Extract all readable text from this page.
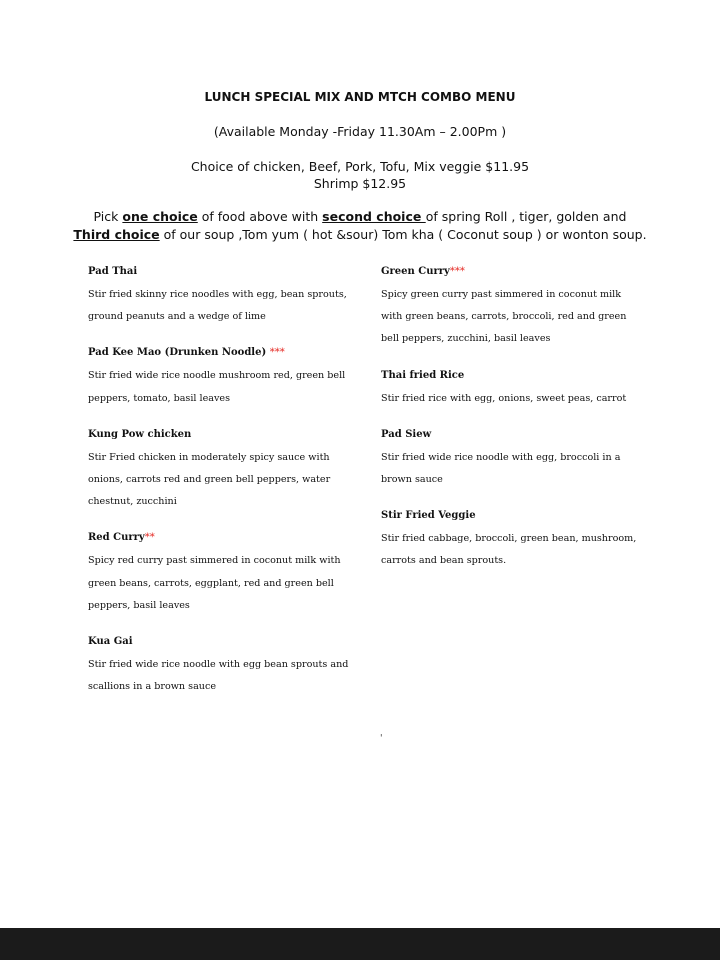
LUNCH SPECIAL MIX AND MTCH COMBO MENU
(Available Monday -Friday 11.30Am – 2.00Pm )
Choice of chicken, Beef, Pork, Tofu, Mix veggie $11.95
Shrimp $12.95
Pick one choice of food above with second choice of spring Roll , tiger, golden and
Third choice of our soup ,Tom yum ( hot &sour) Tom kha ( Coconut soup ) or wonton soup.
Pad Thai
Stir fried skinny rice noodles with egg, bean sprouts, ground peanuts and a wedge of lime
Pad Kee Mao (Drunken Noodle) ***
Stir fried wide rice noodle mushroom red, green bell peppers, tomato, basil leaves
Kung Pow chicken
Stir Fried chicken in moderately spicy sauce with onions, carrots red and green bell peppers, water chestnut, zucchini
Red Curry**
Spicy red curry past simmered in coconut milk with green beans, carrots, eggplant, red and green bell peppers, basil leaves
Kua Gai
Stir fried wide rice noodle with egg bean sprouts and scallions in a brown sauce
Green Curry***
Spicy green curry past simmered in coconut milk with green beans, carrots, broccoli, red and green bell peppers, zucchini, basil leaves
Thai fried Rice
Stir fried rice with egg, onions, sweet peas, carrot
Pad Siew
Stir fried wide rice noodle with egg, broccoli in a brown sauce
Stir Fried Veggie
Stir fried cabbage, broccoli, green bean, mushroom, carrots and bean sprouts.
'
